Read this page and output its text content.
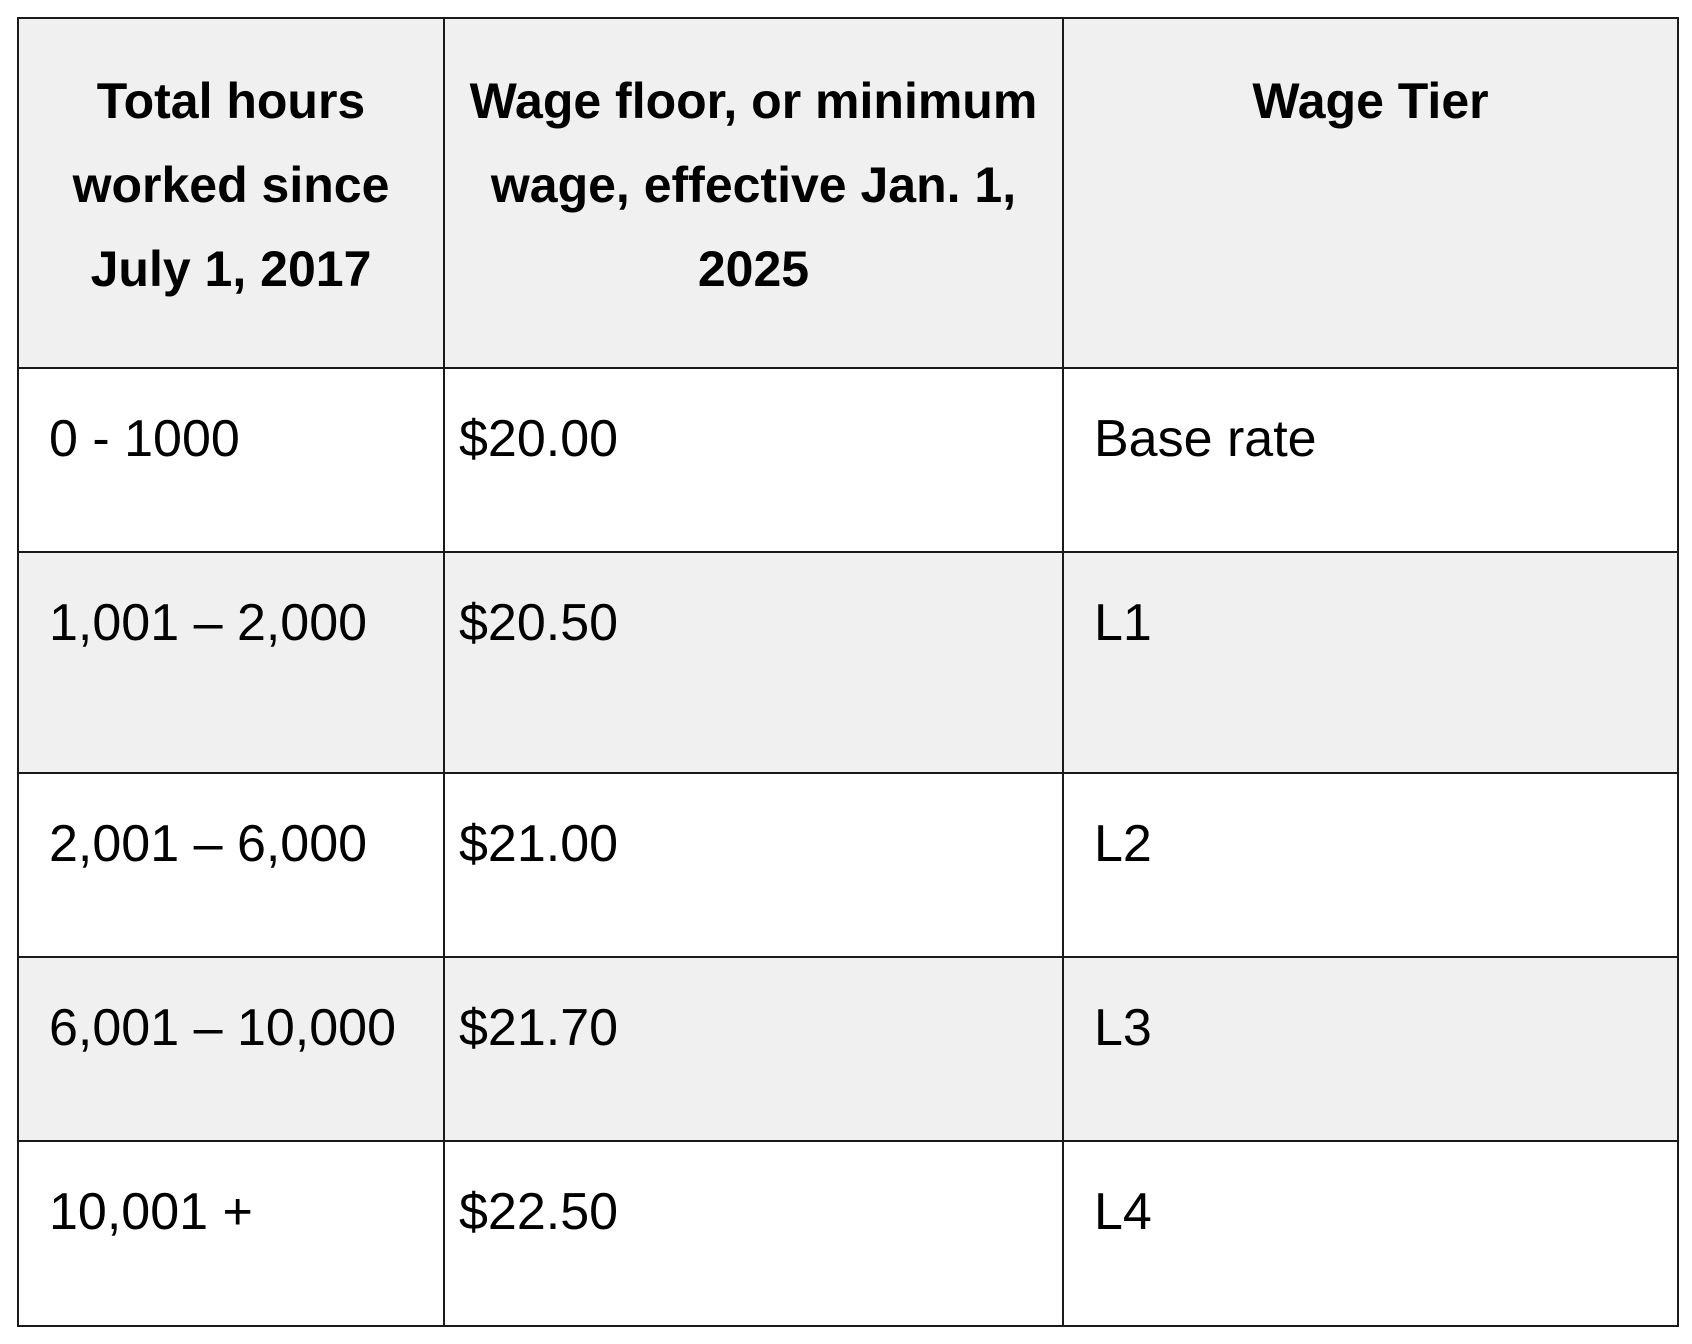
Total hours worked since July 1, 2017	Wage floor, or minimum wage, effective Jan. 1, 2025	Wage Tier
0 - 1000	$20.00	Base rate
1,001 – 2,000	$20.50	L1
2,001 – 6,000	$21.00	L2
6,001 – 10,000	$21.70	L3
10,001 +	$22.50	L4
